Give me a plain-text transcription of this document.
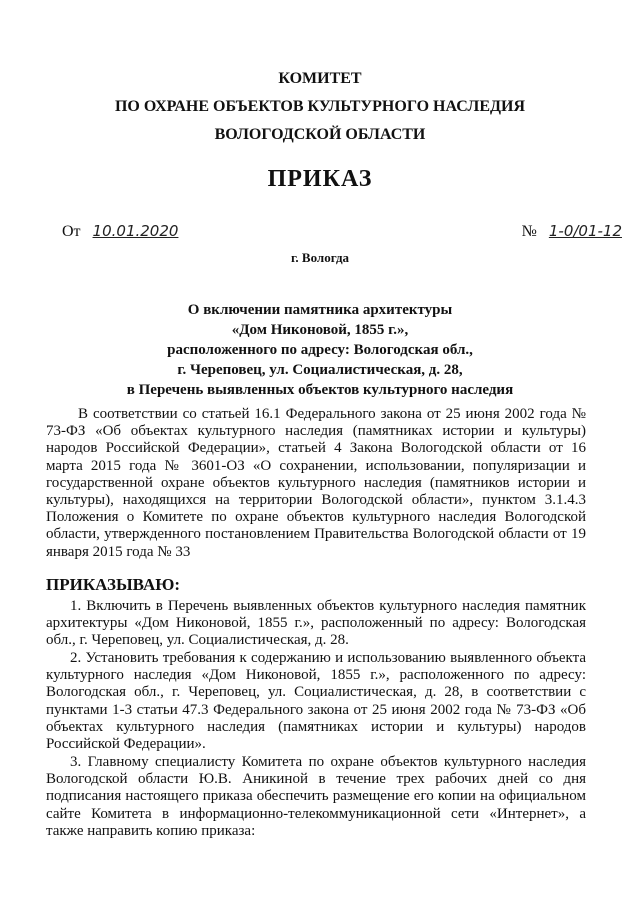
КОМИТЕТ
ПО ОХРАНЕ ОБЪЕКТОВ КУЛЬТУРНОГО НАСЛЕДИЯ
ВОЛОГОДСКОЙ ОБЛАСТИ
ПРИКАЗ
От 10.01.2020	№ 1-0/01-12
г. Вологда
О включении памятника архитектуры
«Дом Никоновой, 1855 г.»,
расположенного по адресу: Вологодская обл.,
г. Череповец, ул. Социалистическая, д. 28,
в Перечень выявленных объектов культурного наследия
В соответствии со статьей 16.1 Федерального закона от 25 июня 2002 года № 73-ФЗ «Об объектах культурного наследия (памятниках истории и культуры) народов Российской Федерации», статьей 4 Закона Вологодской области от 16 марта 2015 года № 3601-ОЗ «О сохранении, использовании, популяризации и государственной охране объектов культурного наследия (памятников истории и культуры), находящихся на территории Вологодской области», пунктом 3.1.4.3 Положения о Комитете по охране объектов культурного наследия Вологодской области, утвержденного постановлением Правительства Вологодской области от 19 января 2015 года № 33
ПРИКАЗЫВАЮ:
1. Включить в Перечень выявленных объектов культурного наследия памятник архитектуры «Дом Никоновой, 1855 г.», расположенный по адресу: Вологодская обл., г. Череповец, ул. Социалистическая, д. 28.
2. Установить требования к содержанию и использованию выявленного объекта культурного наследия «Дом Никоновой, 1855 г.», расположенного по адресу: Вологодская обл., г. Череповец, ул. Социалистическая, д. 28, в соответствии с пунктами 1-3 статьи 47.3 Федерального закона от 25 июня 2002 года № 73-ФЗ «Об объектах культурного наследия (памятниках истории и культуры) народов Российской Федерации».
3. Главному специалисту Комитета по охране объектов культурного наследия Вологодской области Ю.В. Аникиной в течение трех рабочих дней со дня подписания настоящего приказа обеспечить размещение его копии на официальном сайте Комитета в информационно-телекоммуникационной сети «Интернет», а также направить копию приказа:
